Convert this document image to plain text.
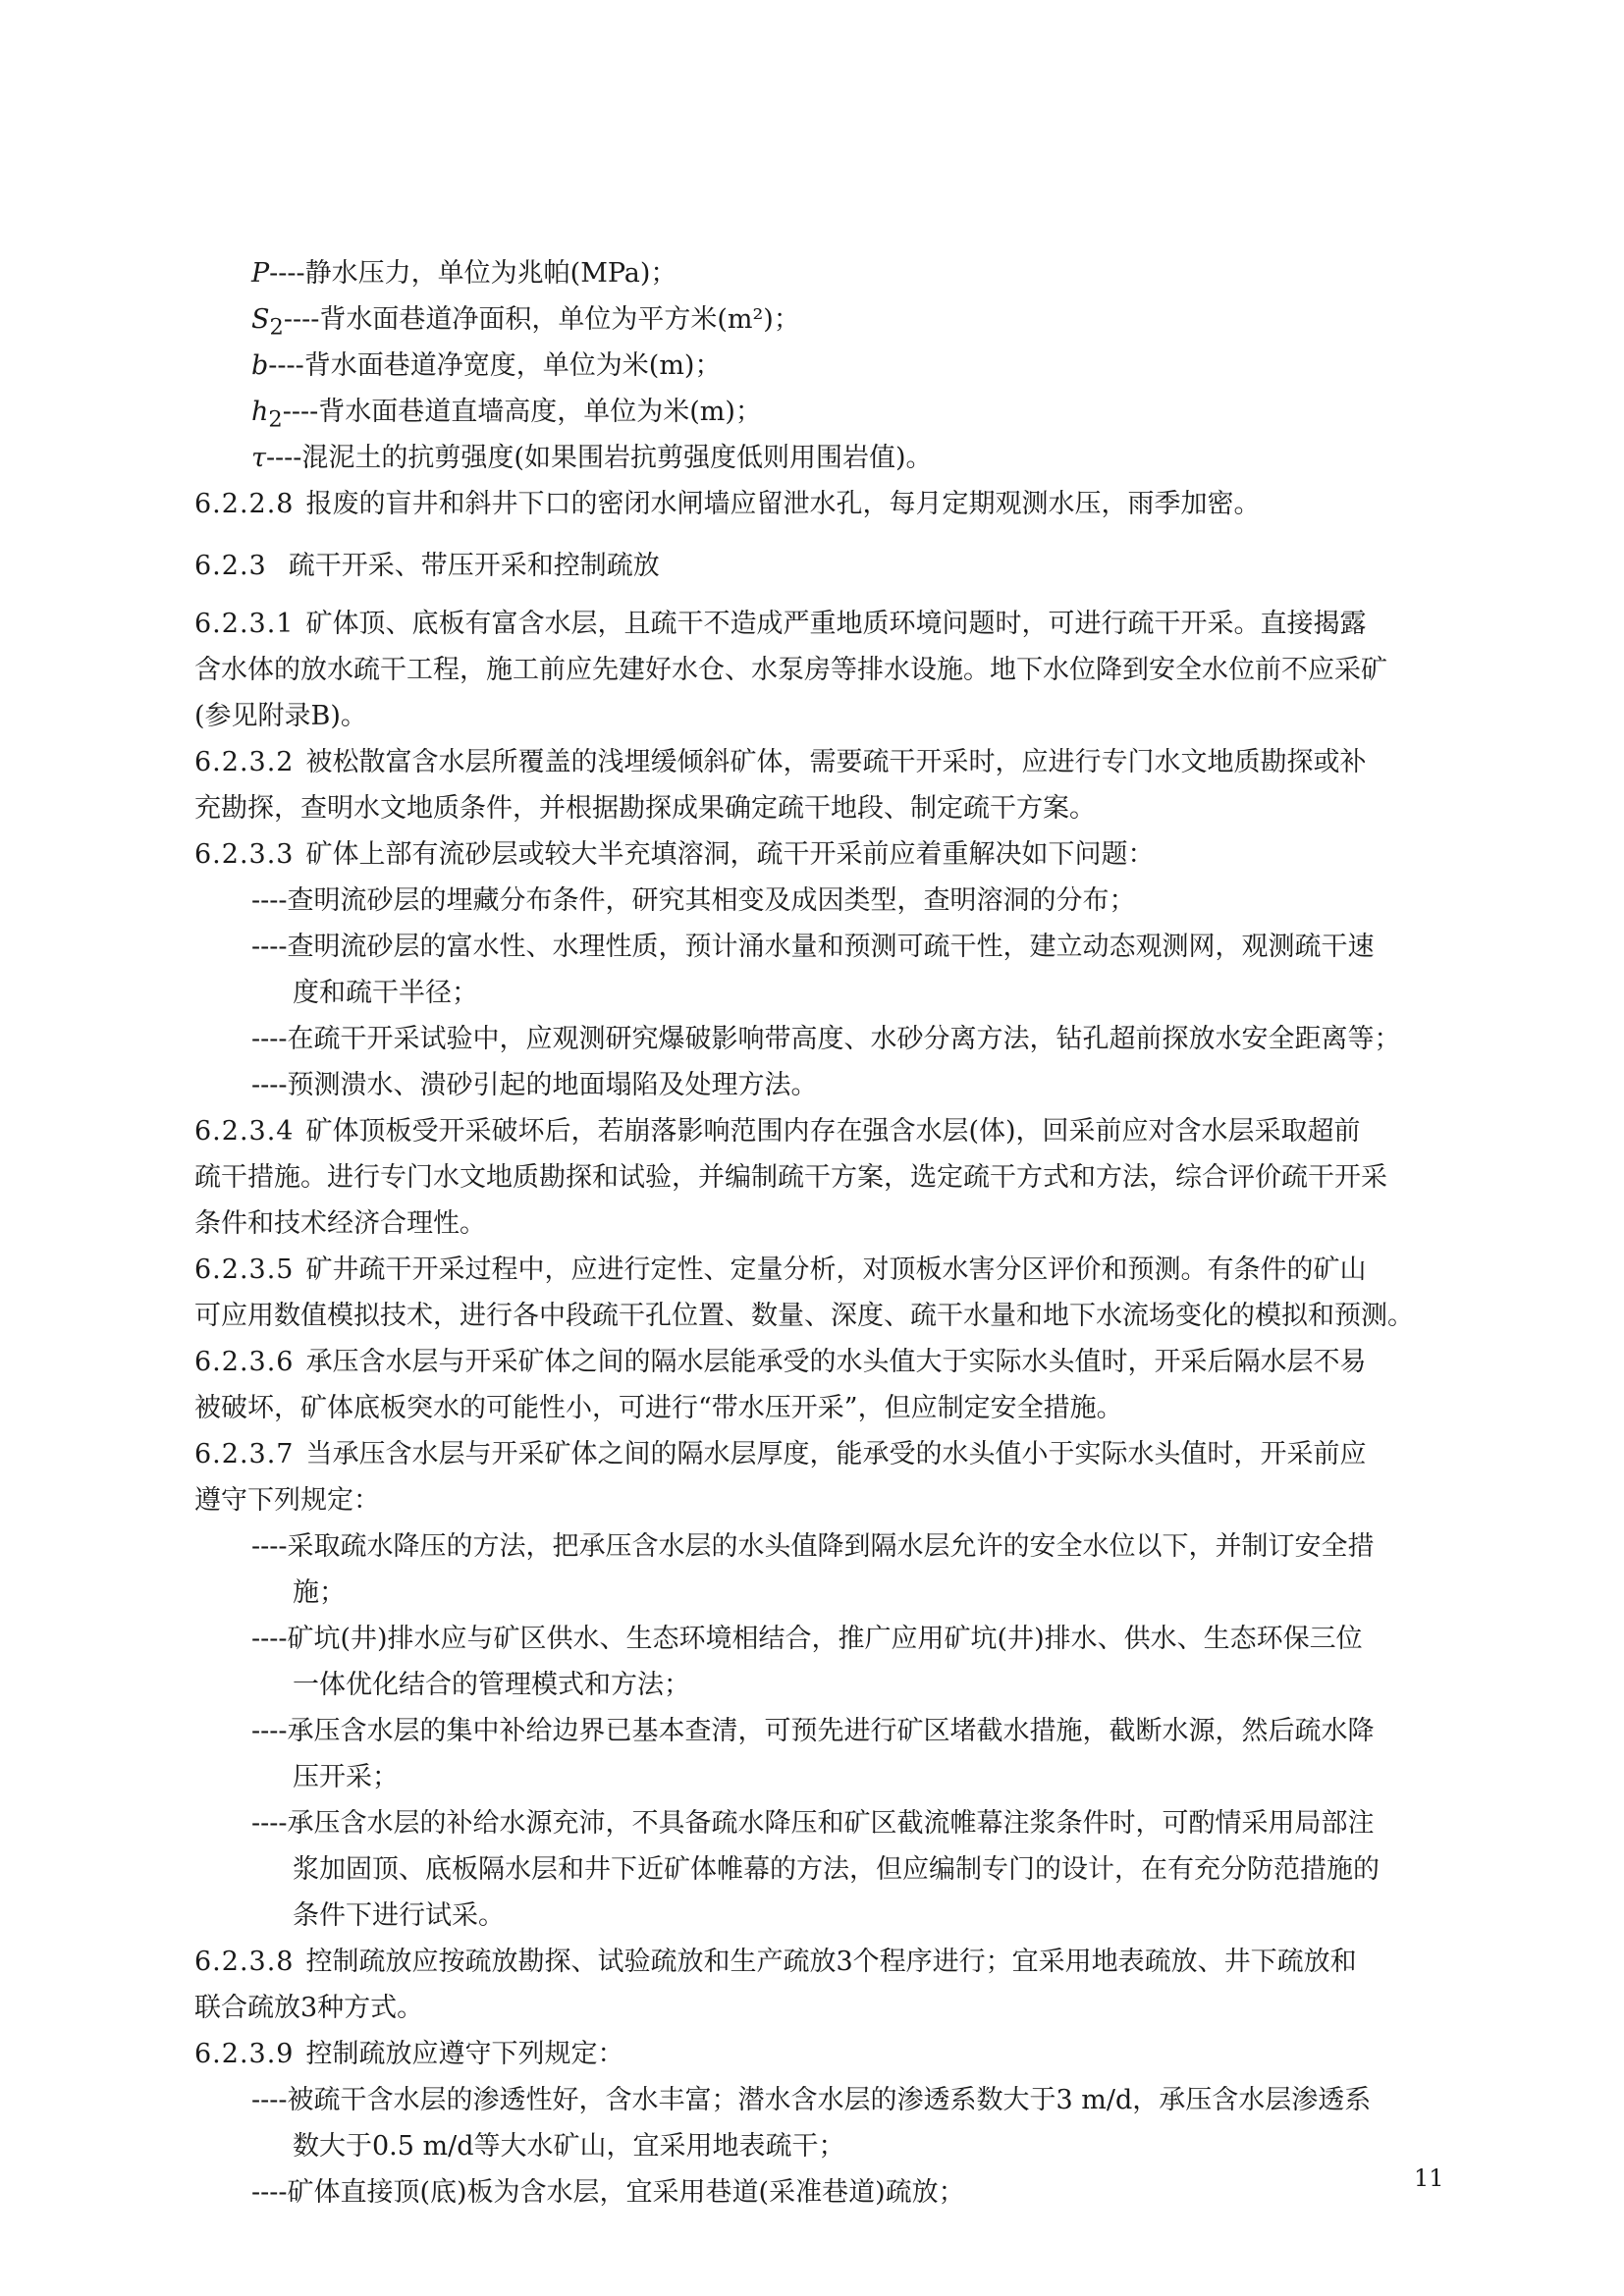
P----静水压力，单位为兆帕(MPa)；
$S_2----$背水面巷道净面积，单位为平方米(m²)；
b----背水面巷道净宽度，单位为米(m)；
$h_2----$背水面巷道直墙高度，单位为米(m)；
τ----混泥土的抗剪强度(如果围岩抗剪强度低则用围岩值)。
6.2.2.8 报废的盲井和斜井下口的密闭水闸墙应留泄水孔，每月定期观测水压，雨季加密。
6.2.3 疏干开采、带压开采和控制疏放
6.2.3.1 矿体顶、底板有富含水层，且疏干不造成严重地质环境问题时，可进行疏干开采。直接揭露
含水体的放水疏干工程，施工前应先建好水仓、水泵房等排水设施。地下水位降到安全水位前不应采矿
(参见附录B)。
6.2.3.2 被松散富含水层所覆盖的浅埋缓倾斜矿体，需要疏干开采时，应进行专门水文地质勘探或补
充勘探，查明水文地质条件，并根据勘探成果确定疏干地段、制定疏干方案。
6.2.3.3 矿体上部有流砂层或较大半充填溶洞，疏干开采前应着重解决如下问题：
----查明流砂层的埋藏分布条件，研究其相变及成因类型，查明溶洞的分布；
----查明流砂层的富水性、水理性质，预计涌水量和预测可疏干性，建立动态观测网，观测疏干速
度和疏干半径；
----在疏干开采试验中，应观测研究爆破影响带高度、水砂分离方法，钻孔超前探放水安全距离等；
----预测溃水、溃砂引起的地面塌陷及处理方法。
6.2.3.4 矿体顶板受开采破坏后，若崩落影响范围内存在强含水层(体)，回采前应对含水层采取超前
疏干措施。进行专门水文地质勘探和试验，并编制疏干方案，选定疏干方式和方法，综合评价疏干开采
条件和技术经济合理性。
6.2.3.5 矿井疏干开采过程中，应进行定性、定量分析，对顶板水害分区评价和预测。有条件的矿山
可应用数值模拟技术，进行各中段疏干孔位置、数量、深度、疏干水量和地下水流场变化的模拟和预测。
6.2.3.6 承压含水层与开采矿体之间的隔水层能承受的水头值大于实际水头值时，开采后隔水层不易
被破坏，矿体底板突水的可能性小，可进行“带水压开采”，但应制定安全措施。
6.2.3.7 当承压含水层与开采矿体之间的隔水层厚度，能承受的水头值小于实际水头值时，开采前应
遵守下列规定：
----采取疏水降压的方法，把承压含水层的水头值降到隔水层允许的安全水位以下，并制订安全措
施；
----矿坑(井)排水应与矿区供水、生态环境相结合，推广应用矿坑(井)排水、供水、生态环保三位
一体优化结合的管理模式和方法；
----承压含水层的集中补给边界已基本查清，可预先进行矿区堵截水措施，截断水源，然后疏水降
压开采；
----承压含水层的补给水源充沛，不具备疏水降压和矿区截流帷幕注浆条件时，可酌情采用局部注
浆加固顶、底板隔水层和井下近矿体帷幕的方法，但应编制专门的设计，在有充分防范措施的
条件下进行试采。
6.2.3.8 控制疏放应按疏放勘探、试验疏放和生产疏放3个程序进行；宜采用地表疏放、井下疏放和
联合疏放3种方式。
6.2.3.9 控制疏放应遵守下列规定：
----被疏干含水层的渗透性好，含水丰富；潜水含水层的渗透系数大于3 m/d，承压含水层渗透系
数大于0.5 m/d等大水矿山，宜采用地表疏干；
----矿体直接顶(底)板为含水层，宜采用巷道(采准巷道)疏放；	11
